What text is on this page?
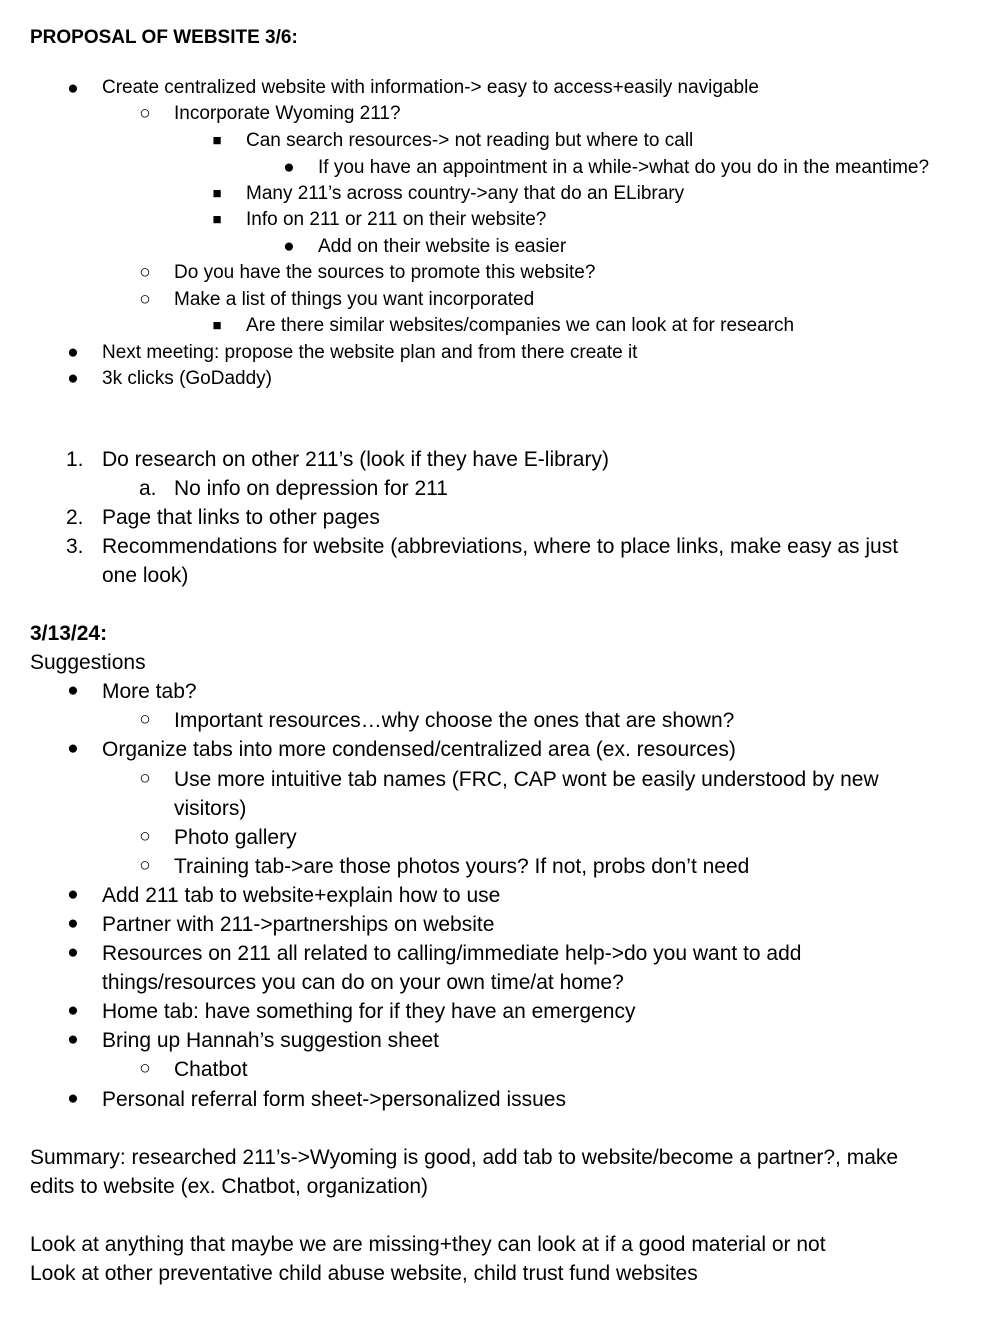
PROPOSAL OF WEBSITE 3/6:
● Create centralized website with information-> easy to access+easily navigable
○ Incorporate Wyoming 211?
■ Can search resources-> not reading but where to call
● If you have an appointment in a while->what do you do in the meantime?
■ Many 211’s across country->any that do an ELibrary
■ Info on 211 or 211 on their website?
● Add on their website is easier
○ Do you have the sources to promote this website?
○ Make a list of things you want incorporated
■ Are there similar websites/companies we can look at for research
● Next meeting: propose the website plan and from there create it
● 3k clicks (GoDaddy)
1. Do research on other 211’s (look if they have E-library)
a. No info on depression for 211
2. Page that links to other pages
3. Recommendations for website (abbreviations, where to place links, make easy as just
one look)
3/13/24:
Suggestions
● More tab?
○ Important resources…why choose the ones that are shown?
● Organize tabs into more condensed/centralized area (ex. resources)
○ Use more intuitive tab names (FRC, CAP wont be easily understood by new
visitors)
○ Photo gallery
○ Training tab->are those photos yours? If not, probs don’t need
● Add 211 tab to website+explain how to use
● Partner with 211->partnerships on website
● Resources on 211 all related to calling/immediate help->do you want to add
things/resources you can do on your own time/at home?
● Home tab: have something for if they have an emergency
● Bring up Hannah’s suggestion sheet
○ Chatbot
● Personal referral form sheet->personalized issues
Summary: researched 211’s->Wyoming is good, add tab to website/become a partner?, make
edits to website (ex. Chatbot, organization)
Look at anything that maybe we are missing+they can look at if a good material or not
Look at other preventative child abuse website, child trust fund websites
